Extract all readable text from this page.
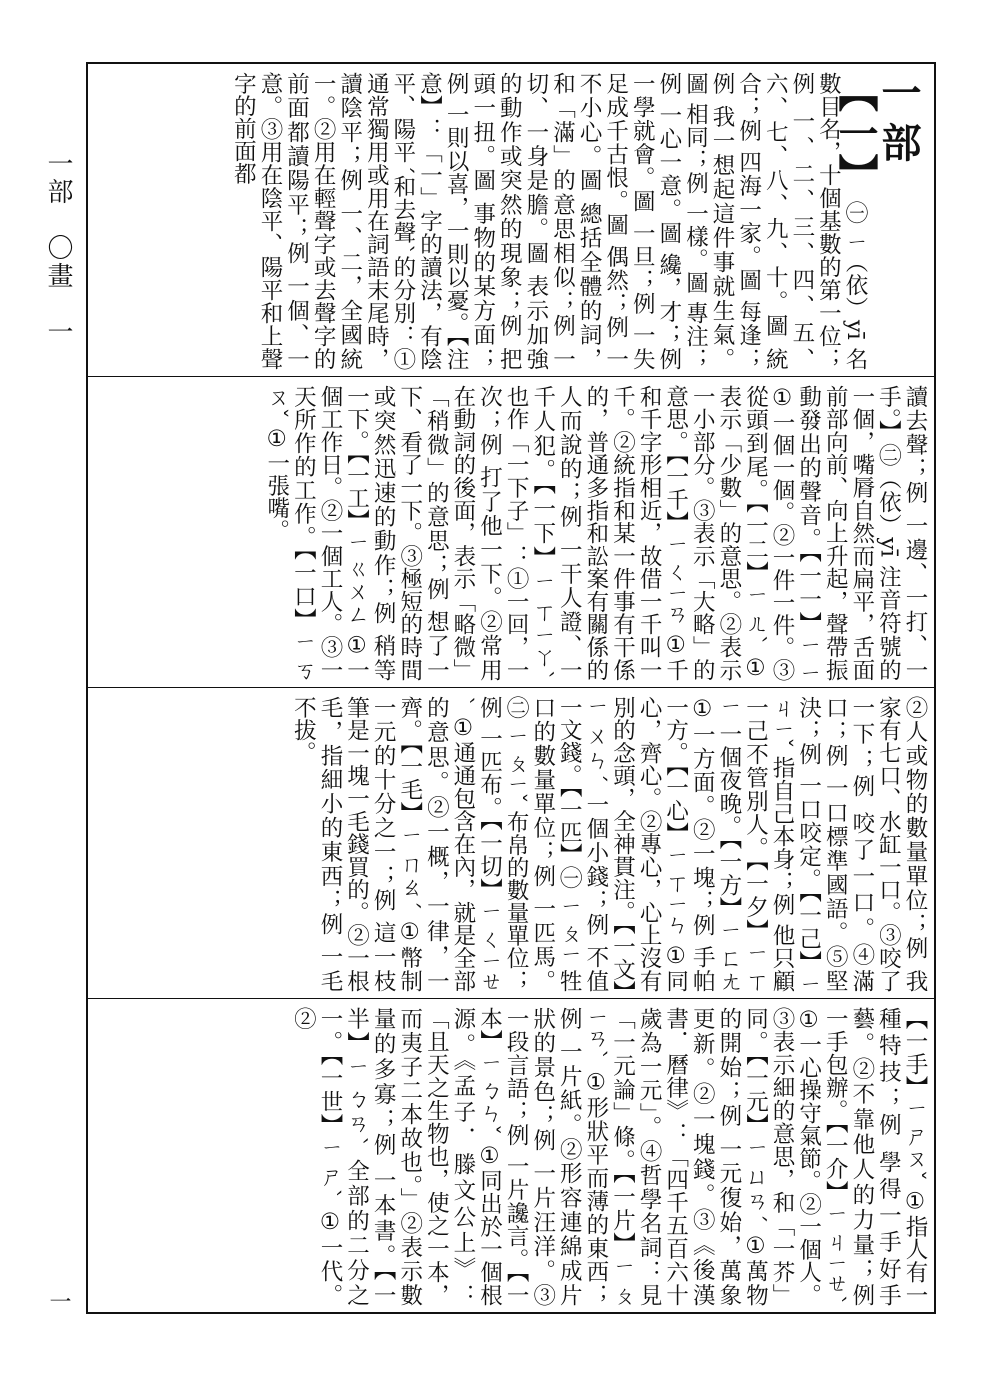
一部　〇畫　一
一
一部
【一】 ㊀ ㄧ（依）yī 名 數目名，十個基數的第一位；例 一、二、三、四、五、六、七、八、九、十。圖 統合；例 四海一家。圖 每逢；例 我一想起這件事就生氣。圖 相同；例 一樣。圖 專注；例 一心一意。圖 纔，才；例 一學就會。圖 一旦；例 一失足成千古恨。圖 偶然；例 一不小心。圖 總括全體的詞，和「滿」的意思相似；例 一切、一身是膽。圖 表示加強的動作或突然的現象；例 把頭一扭。圖 事物的某方面；例 一則以喜，一則以憂。【注意】：「一」字的讀法，有陰平、陽平ˊ和去聲ˋ的分別：①通常獨用或用在詞語末尾時，讀陰平；例 一、二，全國統一。②用在輕聲字或去聲字的前面都讀陽平；例 一個、一意。③用在陰平、陽平和上聲字的前面都
讀去聲；例 一邊、一打、一手。】㊁（依）yī 注音符號的一個，嘴脣自然而扁平，舌面前部向前、向上升起，聲帶振動發出的聲音。【一一】ㄧ ㄧ ①一個一個。②一件一件。③從頭到尾。【一二】ㄧ ㄦˋ ①表示「少數」的意思。②表示一小部分。③表示「大略」的意思。【一千】ㄧ ㄑㄧㄢ ①千和千字形相近，故借一千叫一千。②統指和某一件事有干係的，普通多指和訟案有關係的人而說的；例 一干人證、一千人犯。【一下】ㄧ ㄒㄧㄚˋ 也作「一下子」：①一回，一次；例 打了他一下。②常用在動詞的後面，表示「略微」「稍微」的意思；例 想了一下、看了一下。③極短的時間或突然迅速的動作；例 稍等一下。【一工】ㄧ ㄍㄨㄥ ①一個工作日。②一個工人。③一天所作的工作。【一口】ㄧ ㄎㄡˇ ①一張嘴。
②人或物的數量單位；例 我家有七口、水缸一口。③咬了一下；例 咬了一口。④滿口；例 一口標準國語。⑤堅決；例 一口咬定。【一己】ㄧ ㄐㄧˇ 指自己本身；例 他只顧一己不管別人。【一夕】ㄧ ㄒㄧ 一個夜晚。【一方】ㄧ ㄈㄤ ①一方面。②一塊；例 手帕一方。【一心】ㄧ ㄒㄧㄣ ①同心，齊心。②專心，心上沒有別的念頭，全神貫注。【一文】ㄧ ㄨㄣˊ 一個小錢；例 不值一文錢。【一匹】㊀ ㄧ ㄆㄧ 牲口的數量單位；例 一匹馬。㊁ ㄧ ㄆㄧˇ 布帛的數量單位；例 一匹布。【一切】ㄧ ㄑㄧㄝˋ ①通通包含在內，就是全部的意思。②一概，一律，一齊。【一毛】ㄧ ㄇㄠˊ ①幣制一元的十分之一；例 這一枝筆是一塊一毛錢買的。②一根毛，指細小的東西；例 一毛不拔。
【一手】ㄧ ㄕㄡˇ ①指人有一種特技；例 學得一手好手藝。②不靠他人的力量；例 一手包辦。【一介】ㄧ ㄐㄧㄝˋ ①一心操守氣節。②一個人。③表示細的意思，和「一芥」同。【一元】ㄧ ㄩㄢˊ ①萬物的開始；例 一元復始，萬象更新。②一塊錢。③《後漢書．曆律》：「四千五百六十歲為一元」。④哲學名詞：見「一元論」條。【一片】ㄧ ㄆㄧㄢˋ ①形狀平而薄的東西；例 一片紙。②形容連綿成片狀的景色；例 一片汪洋。③一段言語；例 一片讒言。【一本】ㄧ ㄅㄣˇ ①同出於一個根源。《孟子．滕文公上》：「且天之生物也，使之一本，而夷子二本故也。」②表示數量的多寡；例 一本書。【一半】ㄧ ㄅㄢˋ 全部的二分之一。【一世】ㄧ ㄕˋ ①一代。②
